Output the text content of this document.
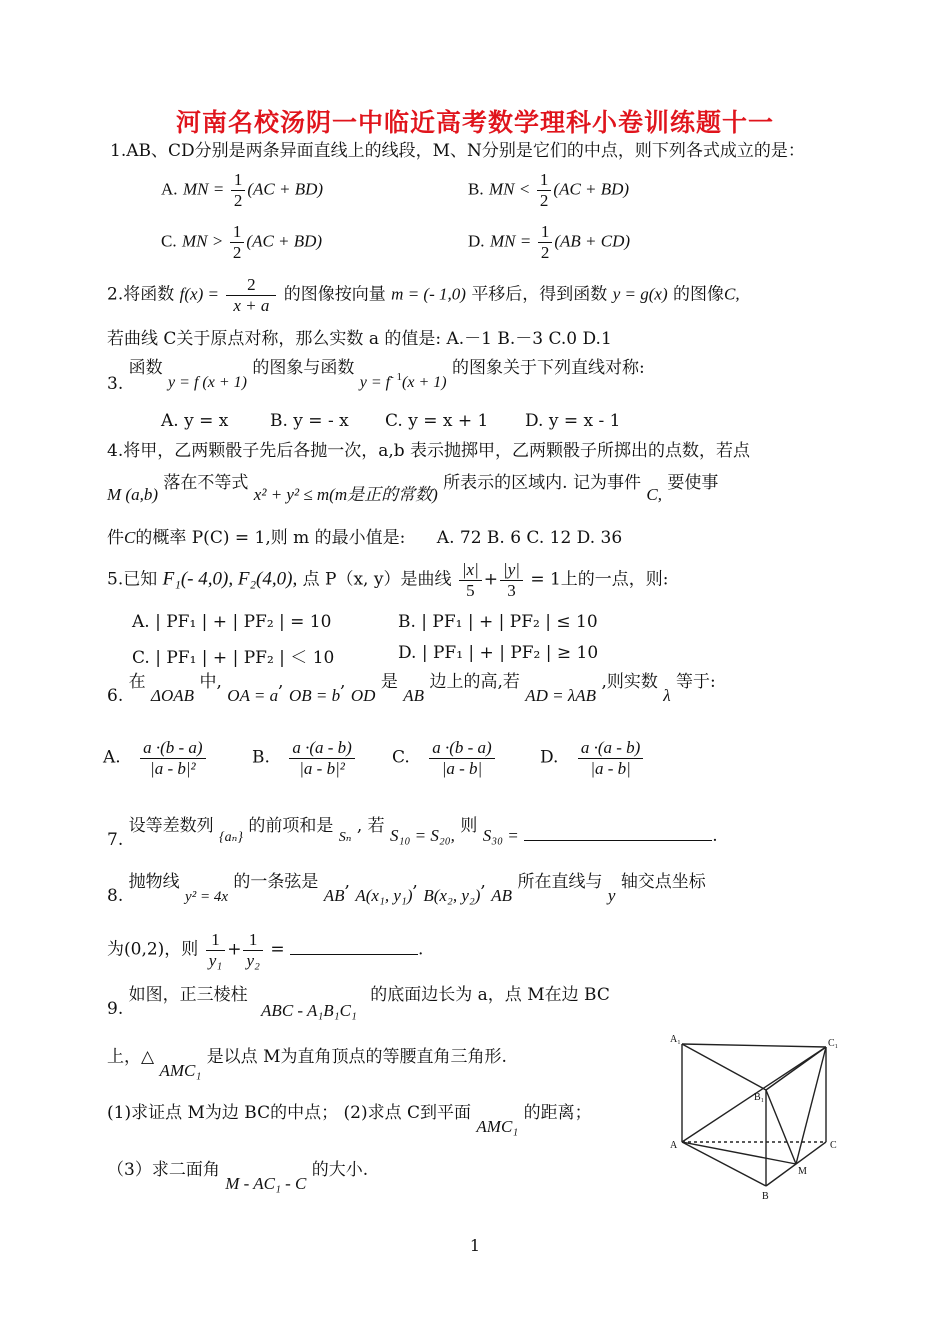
河南名校汤阴一中临近高考数学理科小卷训练题十一
1.AB、CD分别是两条异面直线上的线段，M、N分别是它们的中点，则下列各式成立的是：
A. MN = $\frac{1}{2} (AC + BD)$	B. MN < $\frac{1}{2} (AC + BD)$
C. MN > $\frac{1}{2} (AC + BD)$	D. MN = $\frac{1}{2} (AB + CD)$
2.将函数 $f(x) = \frac{2}{x + a}$ 的图像按向量 m = (- 1,0) 平移后，得到函数 y = g(x) 的图像C,
若曲线 C关于原点对称，那么实数 a 的值是: A.－1 B.－3 C.0 D.1
3. 函数 y = f (x + 1) 的图象与函数 $y = f^{- 1}(x + 1)$ 的图象关于下列直线对称:
A. y = x B. y = - x C. y = x + 1 D. y = x - 1
4.将甲，乙两颗骰子先后各抛一次，a,b 表示抛掷甲，乙两颗骰子所掷出的点数，若点
M (a,b) 落在不等式 x² + y² ≤ m(m是正的常数) 所表示的区域内. 记为事件 C, 要使事
件C的概率 P(C) = 1,则 m 的最小值是: A. 72 B. 6 C. 12 D. 36
5.已知 F₁(- 4,0), F₂(4,0), 点 P（x, y）是曲线 $\frac{|x|}{5} + \frac{|y|}{3} = 1$上的一点，则:
A. | PF₁ | + | PF₂ | = 10	B. | PF₁ | + | PF₂ | ≤ 10
C. | PF₁ | + | PF₂ | ＜ 10	D. | PF₁ | + | PF₂ | ≥ 10
6. 在 ΔOAB 中, OA = a, OB = b, OD 是 AB 边上的高,若 AD = λAB ,则实数 λ 等于:
A. $\frac{a \cdot(b - a)}{\text{|a - b|²}}$	B. $\frac{a \cdot(a - b)}{\text{|a - b|²}} C$. $\frac{a \cdot(b - a)}{|a - b|}$	D. $\frac{a \cdot(a - b)}{|a - b|}$
7. 设等差数列 $_{\{a_n\}}$ 的前项和是 $_{S_n}$ , 若 S₁₀ = S₂₀, 则 S₃₀ =	.
8. 抛物线 y² = 4x 的一条弦是 AB, A(x₁, y₁), B(x₂, y₂), AB 所在直线与 y 轴交点坐标
为(0,2)，则 $\frac{1}{\text{y₁}} + \frac{1}{\text{y₂}}$ =	.
9. 如图，正三棱柱 ABC - A₁B₁C₁ 的底面边长为 a，点 M在边 BC
上，△ AMC₁ 是以点 M为直角顶点的等腰直角三角形.
(1)求证点 M为边 BC的中点； (2)求点 C到平面 AMC₁ 的距离；
（3）求二面角 M - AC₁ - C 的大小.
A₁	C₁
B₁
A	C
M
B
1
